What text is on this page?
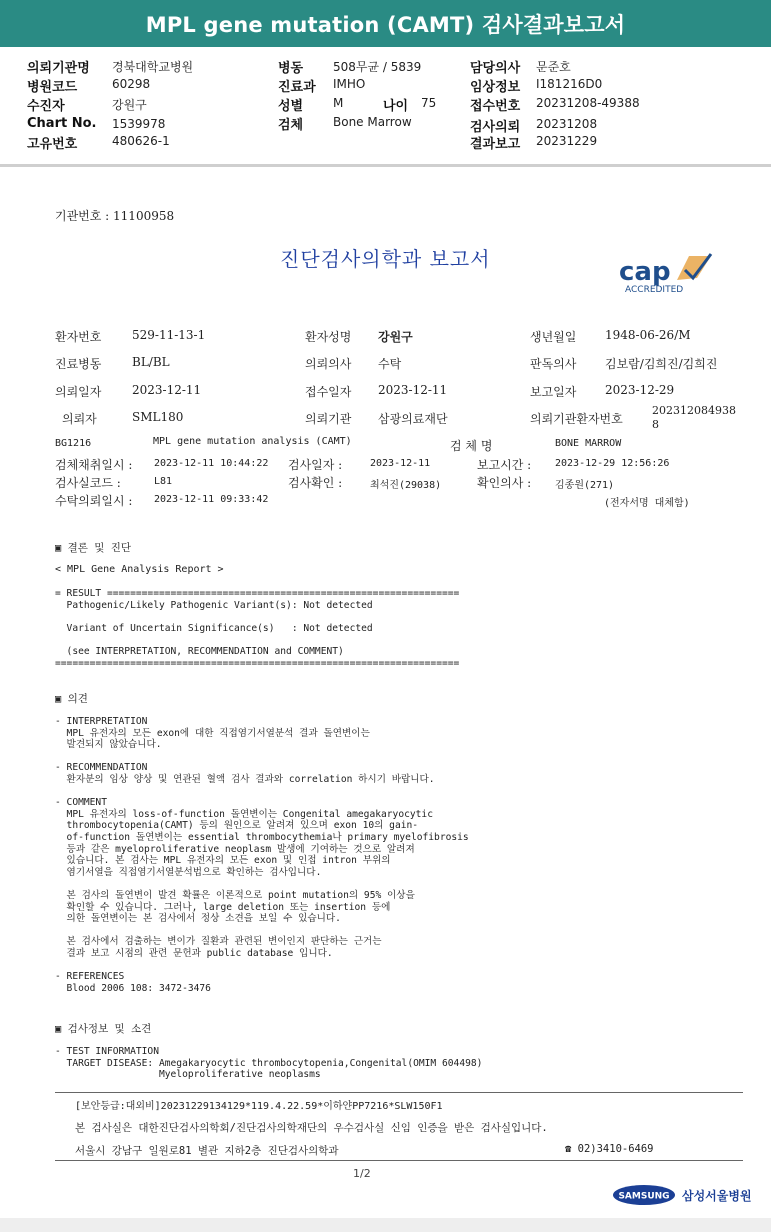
MPL gene mutation (CAMT) 검사결과보고서
의뢰기관명 경북대학교병원
병원코드	60298
수진자	강원구
Chart No. 1539978
고유번호	480626-1
병동 508무균 / 5839
진료과 IMHO
성별 M	나이 75
검체 Bone Marrow
담당의사 문준호
임상정보 I181216D0
접수번호 20231208-49388
검사의뢰 20231208
결과보고 20231229
기관번호 : 11100958
진단검사의학과 보고서	cap
ACCREDITED
환자번호	529-11-13-1	환자성명 강원구	생년월일 1948-06-26/M
진료병동	BL/BL	의뢰의사 수탁	판독의사 김보람/김희진/김희진
의뢰일자	2023-12-11	접수일자 2023-12-11	보고일자 2023-12-29
의뢰자	SML180	의뢰기관 삼광의료재단	의뢰기관환자번호
202312084938
8
BG1216	MPL gene mutation analysis (CAMT)	검 체 명	BONE MARROW
검체채취일시 : 2023-12-11 10:44:22 검사일자 :	2023-12-11	보고시간 : 2023-12-29 12:56:26
검사실코드 :	L81	검사확인 :	최석진(29038)	확인의사 : 김종원(271)
수탁의뢰일시 : 2023-12-11 09:33:42	(전자서명 대체함)
▣ 결론 및 진단
< MPL Gene Analysis Report >
= RESULT =============================================================
Pathogenic/Likely Pathogenic Variant(s): Not detected

Variant of Uncertain Significance(s)   : Not detected

(see INTERPRETATION, RECOMMENDATION and COMMENT)
======================================================================
▣ 의견
- INTERPRETATION
MPL 유전자의 모든 exon에 대한 직접염기서열분석 결과 돌연변이는
발견되지 않았습니다.

- RECOMMENDATION
환자분의 임상 양상 및 연관된 혈액 검사 결과와 correlation 하시기 바랍니다.

- COMMENT
MPL 유전자의 loss-of-function 돌연변이는 Congenital amegakaryocytic
thrombocytopenia(CAMT) 등의 원인으로 알려져 있으며 exon 10의 gain-
of-function 돌연변이는 essential thrombocythemia나 primary myelofibrosis
등과 같은 myeloproliferative neoplasm 발생에 기여하는 것으로 알려져
있습니다. 본 검사는 MPL 유전자의 모든 exon 및 인접 intron 부위의
염기서열을 직접염기서열분석법으로 확인하는 검사입니다.

본 검사의 돌연변이 발견 확률은 이론적으로 point mutation의 95% 이상을
확인할 수 있습니다. 그러나, large deletion 또는 insertion 등에
의한 돌연변이는 본 검사에서 정상 소견을 보일 수 있습니다.

본 검사에서 검출하는 변이가 질환과 관련된 변이인지 판단하는 근거는
결과 보고 시점의 관련 문헌과 public database 입니다.

- REFERENCES
Blood 2006 108: 3472-3476
▣ 검사정보 및 소견
- TEST INFORMATION
TARGET DISEASE: Amegakaryocytic thrombocytopenia,Congenital(OMIM 604498)
Myeloproliferative neoplasms
[보안등급:대외비]20231229134129*119.4.22.59*이하얀PP7216*SLW150F1
본 검사실은 대한진단검사의학회/진단검사의학재단의 우수검사실 신임 인증을 받은 검사실입니다.
서울시 강남구 일원로81 별관 지하2층 진단검사의학과	☎ 02)3410-6469
1/2
SAMSUNG 삼성서울병원
